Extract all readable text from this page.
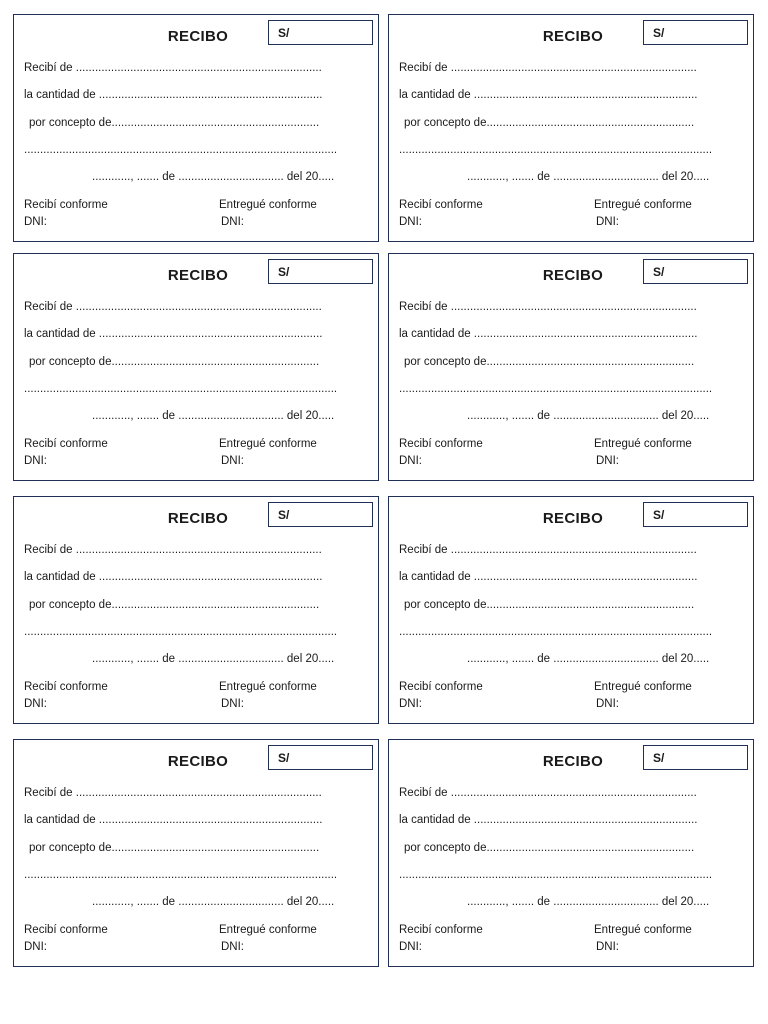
RECIBO	S/
Recibí de .............................................................................
la cantidad de ......................................................................
por concepto de.................................................................
..................................................................................................
............, ....... de ................................. del 20.....
Recibí conforme	Entregué conforme
DNI:	DNI:
RECIBO	S/
Recibí de .............................................................................
la cantidad de ......................................................................
por concepto de.................................................................
..................................................................................................
............, ....... de ................................. del 20.....
Recibí conforme	Entregué conforme
DNI:	DNI:
RECIBO	S/
Recibí de .............................................................................
la cantidad de ......................................................................
por concepto de.................................................................
..................................................................................................
............, ....... de ................................. del 20.....
Recibí conforme	Entregué conforme
DNI:	DNI:
RECIBO	S/
Recibí de .............................................................................
la cantidad de ......................................................................
por concepto de.................................................................
..................................................................................................
............, ....... de ................................. del 20.....
Recibí conforme	Entregué conforme
DNI:	DNI:
RECIBO	S/
Recibí de .............................................................................
la cantidad de ......................................................................
por concepto de.................................................................
..................................................................................................
............, ....... de ................................. del 20.....
Recibí conforme	Entregué conforme
DNI:	DNI:
RECIBO	S/
Recibí de .............................................................................
la cantidad de ......................................................................
por concepto de.................................................................
..................................................................................................
............, ....... de ................................. del 20.....
Recibí conforme	Entregué conforme
DNI:	DNI:
RECIBO	S/
Recibí de .............................................................................
la cantidad de ......................................................................
por concepto de.................................................................
..................................................................................................
............, ....... de ................................. del 20.....
Recibí conforme	Entregué conforme
DNI:	DNI:
RECIBO	S/
Recibí de .............................................................................
la cantidad de ......................................................................
por concepto de.................................................................
..................................................................................................
............, ....... de ................................. del 20.....
Recibí conforme	Entregué conforme
DNI:	DNI:
